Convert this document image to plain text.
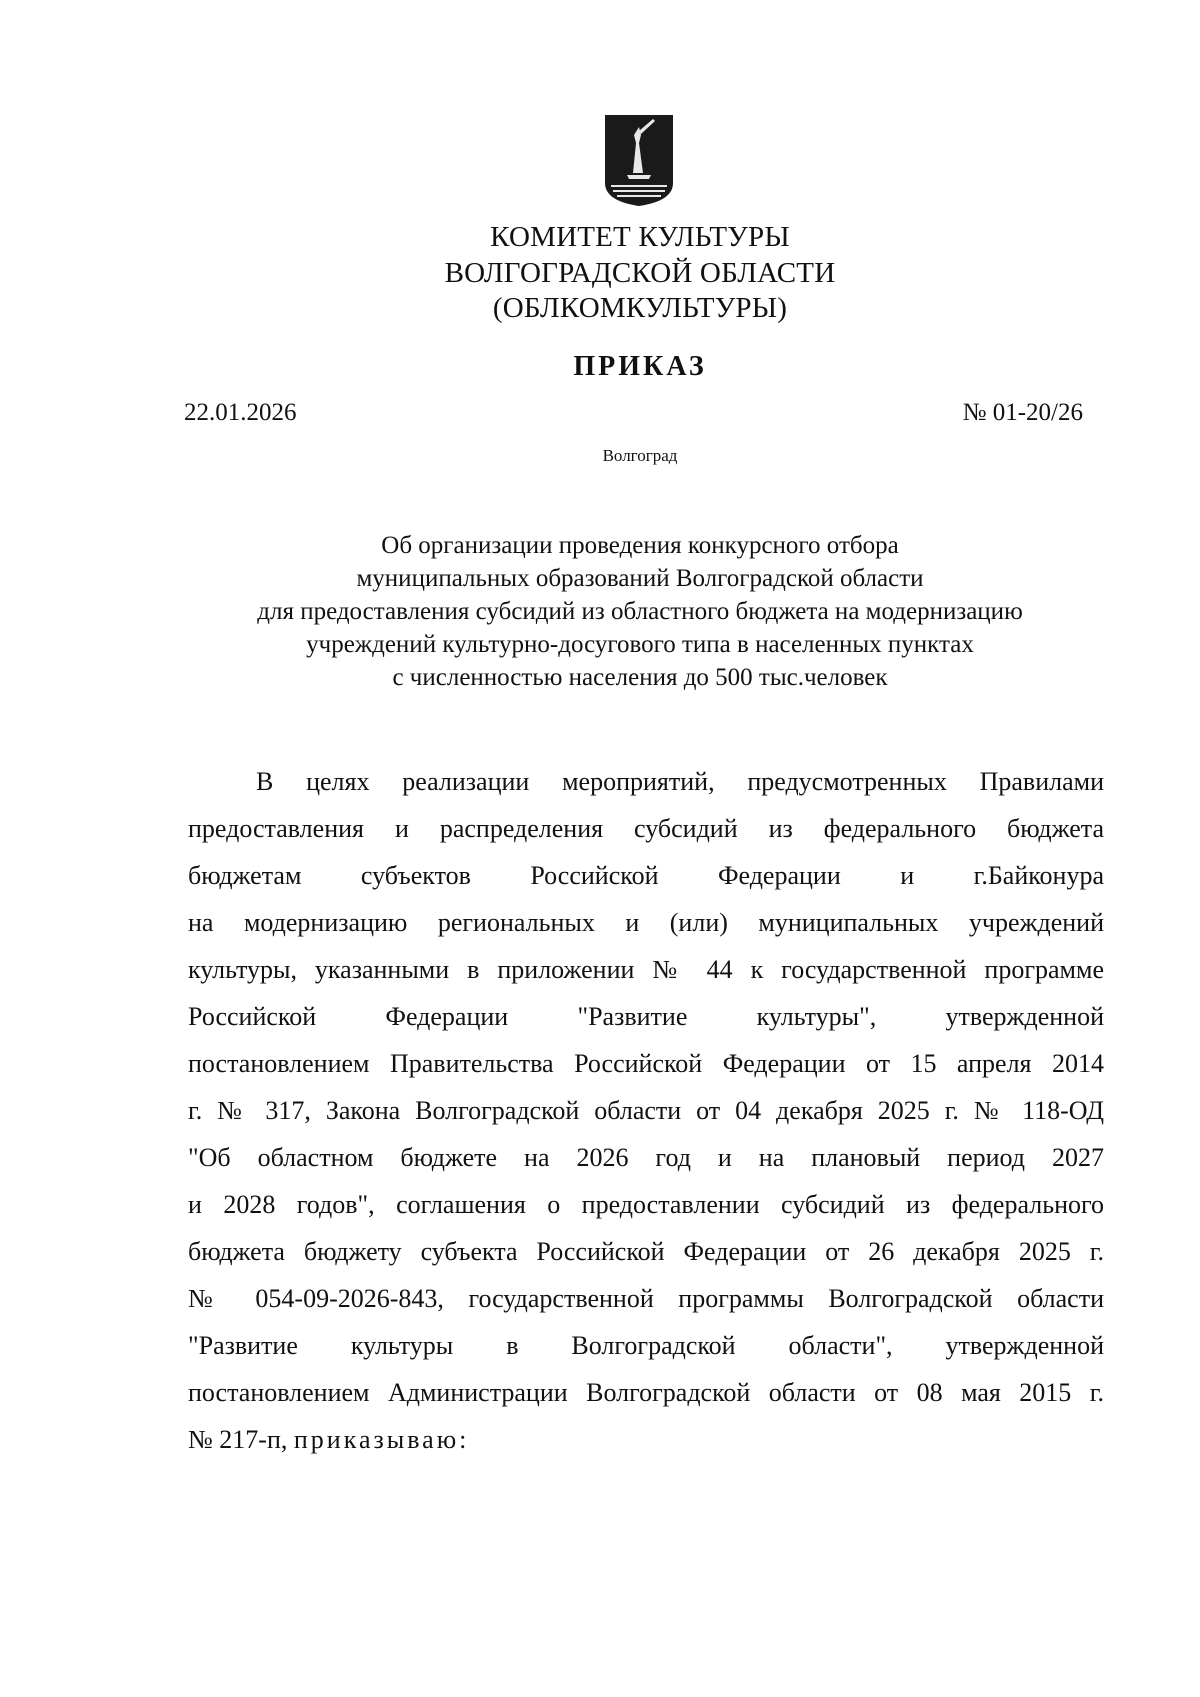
КОМИТЕТ КУЛЬТУРЫ
ВОЛГОГРАДСКОЙ ОБЛАСТИ
(ОБЛКОМКУЛЬТУРЫ)
ПРИКАЗ
22.01.2026	№ 01-20/26
Волгоград
Об организации проведения конкурсного отбора
муниципальных образований Волгоградской области
для предоставления субсидий из областного бюджета на модернизацию
учреждений культурно-досугового типа в населенных пунктах
с численностью населения до 500 тыс.человек
В целях реализации мероприятий, предусмотренных Правилами
предоставления и распределения субсидий из федерального бюджета
бюджетам субъектов Российской Федерации и г.Байконура
на модернизацию региональных и (или) муниципальных учреждений
культуры, указанными в приложении № 44 к государственной программе
Российской Федерации "Развитие культуры", утвержденной
постановлением Правительства Российской Федерации от 15 апреля 2014
г. № 317, Закона Волгоградской области от 04 декабря 2025 г. № 118-ОД
"Об областном бюджете на 2026 год и на плановый период 2027
и 2028 годов", соглашения о предоставлении субсидий из федерального
бюджета бюджету субъекта Российской Федерации от 26 декабря 2025 г.
№ 054-09-2026-843, государственной программы Волгоградской области
"Развитие культуры в Волгоградской области", утвержденной
постановлением Администрации Волгоградской области от 08 мая 2015 г.
№ 217-п, приказываю:
